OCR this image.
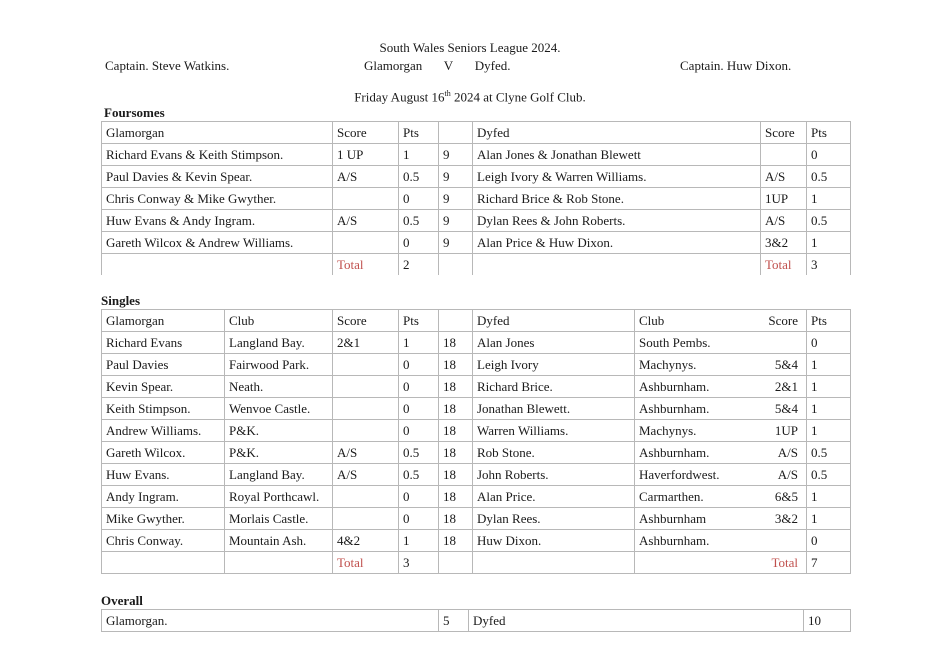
South Wales Seniors League 2024.
Captain. Steve Watkins.	Glamorgan V Dyfed.	Captain. Huw Dixon.
Friday August 16th 2024 at Clyne Golf Club.
Foursomes
Glamorgan	Score	Pts		Dyfed	Score	Pts
Richard Evans & Keith Stimpson.	1 UP	1	9	Alan Jones & Jonathan Blewett		0
Paul Davies & Kevin Spear.	A/S	0.5	9	Leigh Ivory & Warren Williams.	A/S	0.5
Chris Conway & Mike Gwyther.		0	9	Richard Brice & Rob Stone.	1UP	1
Huw Evans & Andy Ingram.	A/S	0.5	9	Dylan Rees & John Roberts.	A/S	0.5
Gareth Wilcox & Andrew Williams.		0	9	Alan Price & Huw Dixon.	3&2	1
	Total	2			Total	3
Singles
Glamorgan	Club	Score	Pts		Dyfed	Club Score	Pts
Richard Evans	Langland Bay.	2&1	1	18	Alan Jones	South Pembs.	0
Paul Davies	Fairwood Park.		0	18	Leigh Ivory	Machynys. 5&4	1
Kevin Spear.	Neath.		0	18	Richard Brice.	Ashburnham. 2&1	1
Keith Stimpson.	Wenvoe Castle.		0	18	Jonathan Blewett.	Ashburnham. 5&4	1
Andrew Williams.	P&K.		0	18	Warren Williams.	Machynys. 1UP	1
Gareth Wilcox.	P&K.	A/S	0.5	18	Rob Stone.	Ashburnham. A/S	0.5
Huw Evans.	Langland Bay.	A/S	0.5	18	John Roberts.	Haverfordwest. A/S	0.5
Andy Ingram.	Royal Porthcawl.		0	18	Alan Price.	Carmarthen. 6&5	1
Mike Gwyther.	Morlais Castle.		0	18	Dylan Rees.	Ashburnham 3&2	1
Chris Conway.	Mountain Ash.	4&2	1	18	Huw Dixon.	Ashburnham.	0
		Total	3			Total	7
Overall
Glamorgan.	5	Dyfed	10
